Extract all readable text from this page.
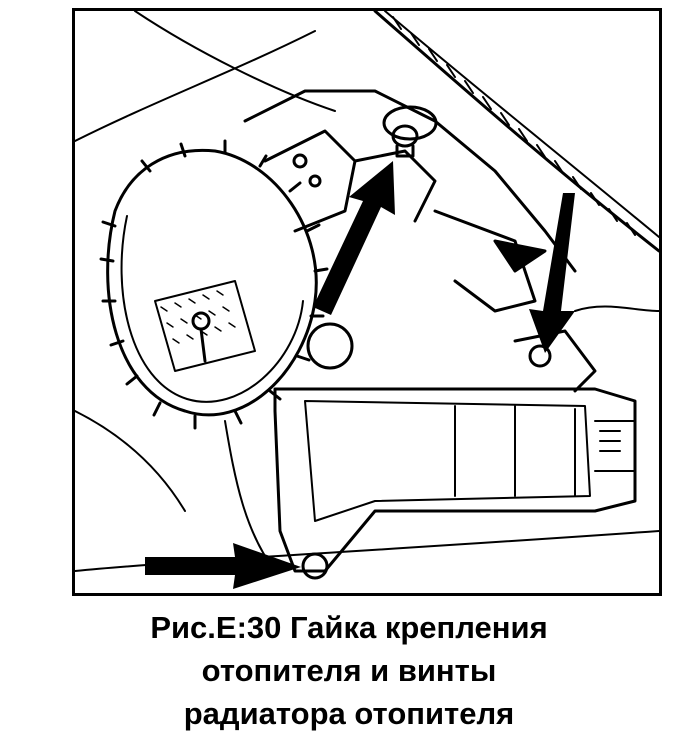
Рис.Е:30 Гайка крепления
отопителя и винты
радиатора отопителя
